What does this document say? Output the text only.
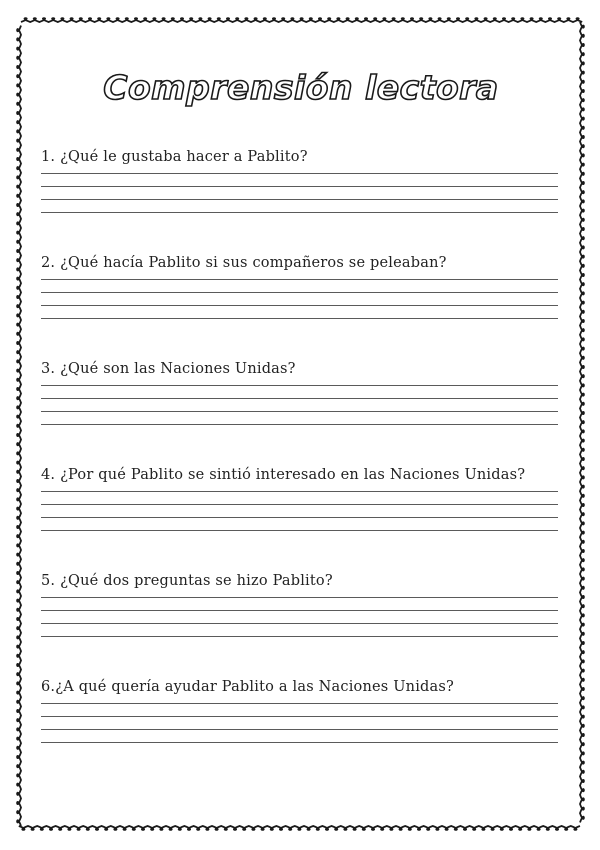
Comprensión lectora
1. ¿Qué le gustaba hacer a Pablito?
2. ¿Qué hacía Pablito si sus compañeros se peleaban?
3. ¿Qué son las Naciones Unidas?
4. ¿Por qué Pablito se sintió interesado en las Naciones Unidas?
5. ¿Qué dos preguntas se hizo Pablito?
6.¿A qué quería ayudar Pablito a las Naciones Unidas?
